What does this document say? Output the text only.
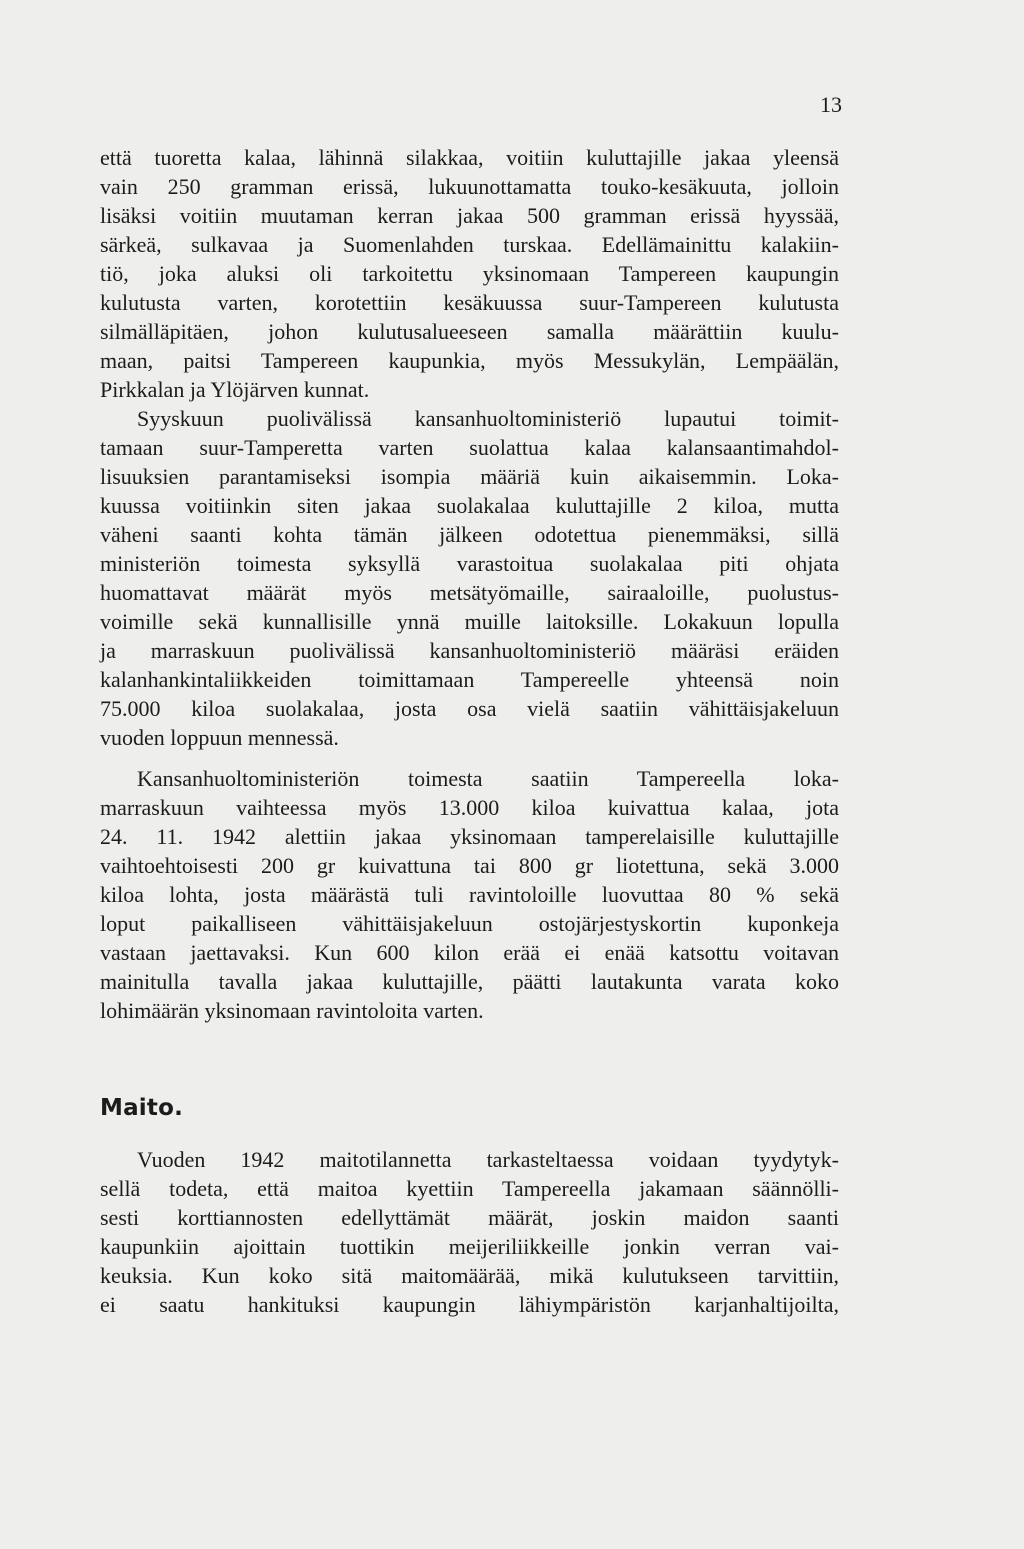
13
että tuoretta kalaa, lähinnä silakkaa, voitiin kuluttajille jakaa yleensä
vain 250 gramman erissä, lukuunottamatta touko-kesäkuuta, jolloin
lisäksi voitiin muutaman kerran jakaa 500 gramman erissä hyyssää,
särkeä, sulkavaa ja Suomenlahden turskaa. Edellämainittu kalakiin-
tiö, joka aluksi oli tarkoitettu yksinomaan Tampereen kaupungin
kulutusta varten, korotettiin kesäkuussa suur-Tampereen kulutusta
silmälläpitäen, johon kulutusalueeseen samalla määrättiin kuulu-
maan, paitsi Tampereen kaupunkia, myös Messukylän, Lempäälän,
Pirkkalan ja Ylöjärven kunnat.
Syyskuun puolivälissä kansanhuoltoministeriö lupautui toimit-
tamaan suur-Tamperetta varten suolattua kalaa kalansaantimahdol-
lisuuksien parantamiseksi isompia määriä kuin aikaisemmin. Loka-
kuussa voitiinkin siten jakaa suolakalaa kuluttajille 2 kiloa, mutta
väheni saanti kohta tämän jälkeen odotettua pienemmäksi, sillä
ministeriön toimesta syksyllä varastoitua suolakalaa piti ohjata
huomattavat määrät myös metsätyömaille, sairaaloille, puolustus-
voimille sekä kunnallisille ynnä muille laitoksille. Lokakuun lopulla
ja marraskuun puolivälissä kansanhuoltoministeriö määräsi eräiden
kalanhankintaliikkeiden toimittamaan Tampereelle yhteensä noin
75.000 kiloa suolakalaa, josta osa vielä saatiin vähittäisjakeluun
vuoden loppuun mennessä.
Kansanhuoltoministeriön toimesta saatiin Tampereella loka-
marraskuun vaihteessa myös 13.000 kiloa kuivattua kalaa, jota
24. 11. 1942 alettiin jakaa yksinomaan tamperelaisille kuluttajille
vaihtoehtoisesti 200 gr kuivattuna tai 800 gr liotettuna, sekä 3.000
kiloa lohta, josta määrästä tuli ravintoloille luovuttaa 80 % sekä
loput paikalliseen vähittäisjakeluun ostojärjestyskortin kuponkeja
vastaan jaettavaksi. Kun 600 kilon erää ei enää katsottu voitavan
mainitulla tavalla jakaa kuluttajille, päätti lautakunta varata koko
lohimäärän yksinomaan ravintoloita varten.
Maito.
Vuoden 1942 maitotilannetta tarkasteltaessa voidaan tyydytyk-
sellä todeta, että maitoa kyettiin Tampereella jakamaan säännölli-
sesti korttiannosten edellyttämät määrät, joskin maidon saanti
kaupunkiin ajoittain tuottikin meijeriliikkeille jonkin verran vai-
keuksia. Kun koko sitä maitomäärää, mikä kulutukseen tarvittiin,
ei saatu hankituksi kaupungin lähiympäristön karjanhaltijoilta,
